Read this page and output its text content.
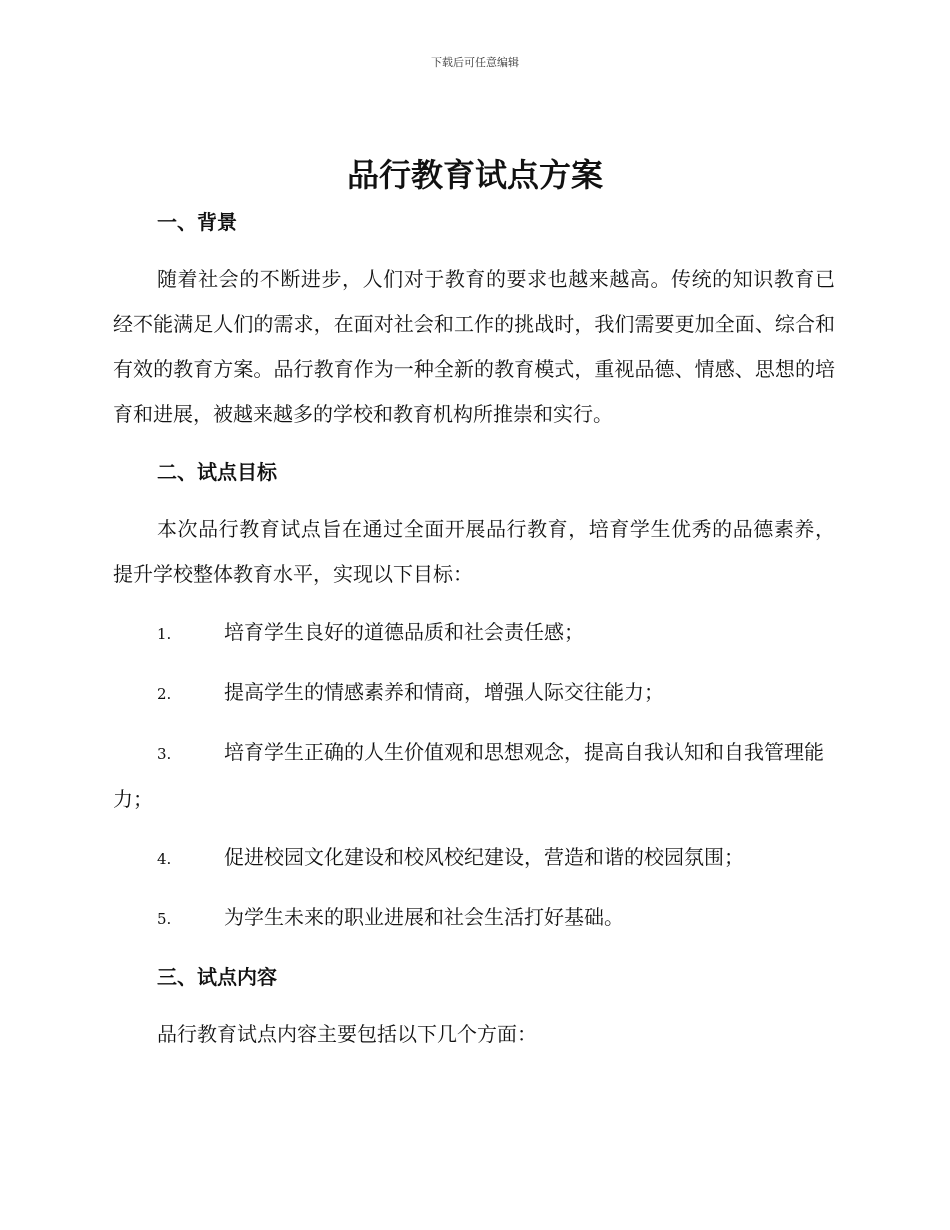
下载后可任意编辑
品行教育试点方案
一、背景

随着社会的不断进步，人们对于教育的要求也越来越高。传统的知识教育已经不能满足人们的需求，在面对社会和工作的挑战时，我们需要更加全面、综合和有效的教育方案。品行教育作为一种全新的教育模式，重视品德、情感、思想的培育和进展，被越来越多的学校和教育机构所推崇和实行。

二、试点目标

本次品行教育试点旨在通过全面开展品行教育，培育学生优秀的品德素养，提升学校整体教育水平，实现以下目标：

1.	培育学生良好的道德品质和社会责任感；

2.	提高学生的情感素养和情商，增强人际交往能力；

3.	培育学生正确的人生价值观和思想观念，提高自我认知和自我管理能力；

4.	促进校园文化建设和校风校纪建设，营造和谐的校园氛围；

5.	为学生未来的职业进展和社会生活打好基础。

三、试点内容

品行教育试点内容主要包括以下几个方面：
